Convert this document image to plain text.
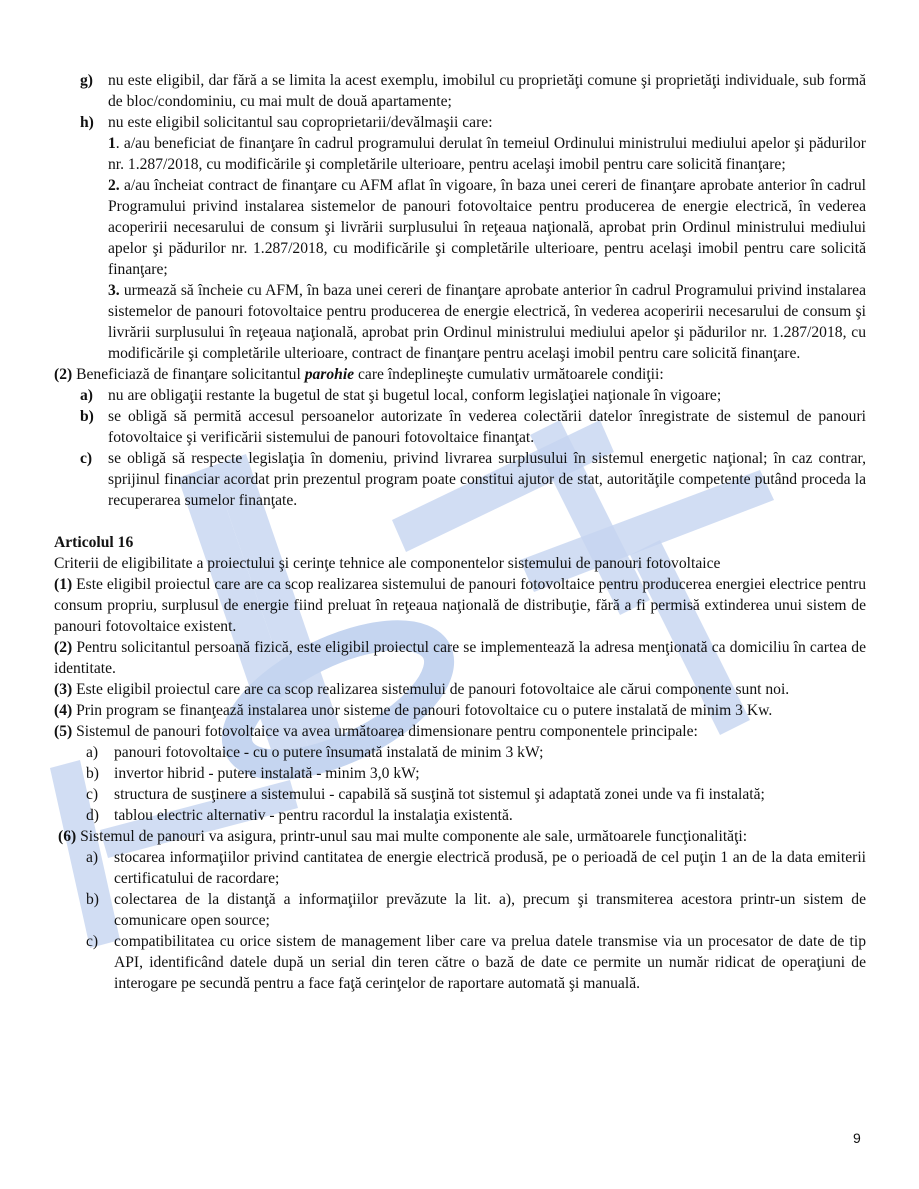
g) nu este eligibil, dar fără a se limita la acest exemplu, imobilul cu proprietăţi comune şi proprietăţi individuale, sub formă de bloc/condominiu, cu mai mult de două apartamente;
h) nu este eligibil solicitantul sau coproprietarii/devălmaşii care:

1. a/au beneficiat de finanţare în cadrul programului derulat în temeiul Ordinului ministrului mediului apelor şi pădurilor nr. 1.287/2018, cu modificările şi completările ulterioare, pentru acelaşi imobil pentru care solicită finanţare;

2. a/au încheiat contract de finanţare cu AFM aflat în vigoare, în baza unei cereri de finanţare aprobate anterior în cadrul Programului privind instalarea sistemelor de panouri fotovoltaice pentru producerea de energie electrică, în vederea acoperirii necesarului de consum şi livrării surplusului în reţeaua naţională, aprobat prin Ordinul ministrului mediului apelor şi pădurilor nr. 1.287/2018, cu modificările şi completările ulterioare, pentru acelaşi imobil pentru care solicită finanţare;

3. urmează să încheie cu AFM, în baza unei cereri de finanţare aprobate anterior în cadrul Programului privind instalarea sistemelor de panouri fotovoltaice pentru producerea de energie electrică, în vederea acoperirii necesarului de consum şi livrării surplusului în reţeaua naţională, aprobat prin Ordinul ministrului mediului apelor şi pădurilor nr. 1.287/2018, cu modificările şi completările ulterioare, contract de finanţare pentru acelaşi imobil pentru care solicită finanţare.

(2) Beneficiază de finanţare solicitantul parohie care îndeplineşte cumulativ următoarele condiţii:

a) nu are obligaţii restante la bugetul de stat şi bugetul local, conform legislaţiei naţionale în vigoare;
b) se obligă să permită accesul persoanelor autorizate în vederea colectării datelor înregistrate de sistemul de panouri fotovoltaice şi verificării sistemului de panouri fotovoltaice finanţat.
c)	se obligă să respecte legislaţia în domeniu, privind livrarea surplusului în sistemul energetic naţional; în caz contrar, sprijinul financiar acordat prin prezentul program poate constitui ajutor de stat, autorităţile competente putând proceda la recuperarea sumelor finanţate.

Articolul 16

Criterii de eligibilitate a proiectului şi cerinţe tehnice ale componentelor sistemului de panouri fotovoltaice

(1) Este eligibil proiectul care are ca scop realizarea sistemului de panouri fotovoltaice pentru producerea energiei electrice pentru consum propriu, surplusul de energie fiind preluat în reţeaua naţională de distribuţie, fără a fi permisă extinderea unui sistem de panouri fotovoltaice existent.

(2) Pentru solicitantul persoană fizică, este eligibil proiectul care se implementează la adresa menţionată ca domiciliu în cartea de identitate.

(3) Este eligibil proiectul care are ca scop realizarea sistemului de panouri fotovoltaice ale cărui componente sunt noi.

(4) Prin program se finanţează instalarea unor sisteme de panouri fotovoltaice cu o putere instalată de minim 3 Kw.

(5) Sistemul de panouri fotovoltaice va avea următoarea dimensionare pentru componentele principale:

a)	panouri fotovoltaice - cu o putere însumată instalată de minim 3 kW;
b) invertor hibrid - putere instalată - minim 3,0 kW;
c)	structura de susţinere a sistemului - capabilă să susţină tot sistemul şi adaptată zonei unde va fi instalată;
d) tablou electric alternativ - pentru racordul la instalaţia existentă.

(6) Sistemul de panouri va asigura, printr-unul sau mai multe componente ale sale, următoarele funcţionalităţi:

a)	stocarea informaţiilor privind cantitatea de energie electrică produsă, pe o perioadă de cel puţin 1 an de la data emiterii certificatului de racordare;
b) colectarea de la distanţă a informaţiilor prevăzute la lit. a), precum şi transmiterea acestora printr-un sistem de comunicare open source;
c)	compatibilitatea cu orice sistem de management liber care va prelua datele transmise via un procesator de date de tip API, identificând datele după un serial din teren către o bază de date ce permite un număr ridicat de operaţiuni de interogare pe secundă pentru a face faţă cerinţelor de raportare automată şi manuală.
9
